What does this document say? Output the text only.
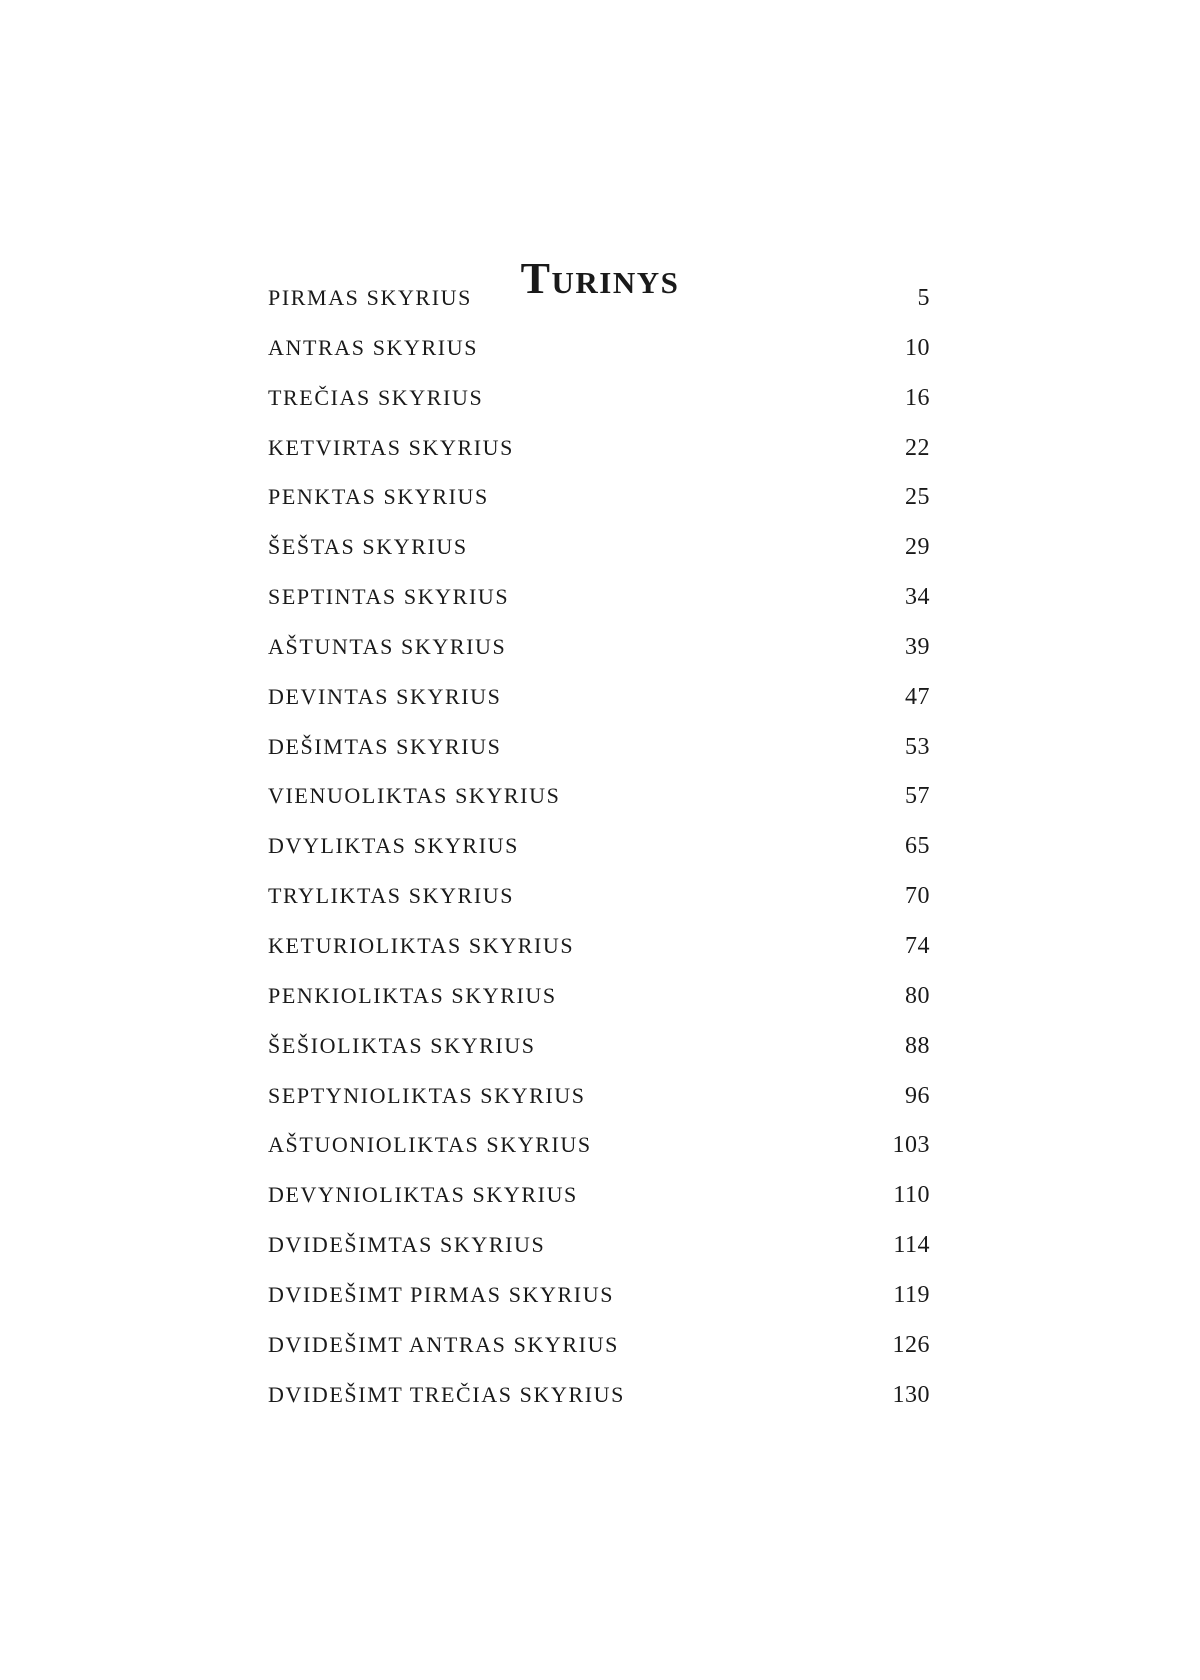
Turinys
PIRMAS SKYRIUS	5
ANTRAS SKYRIUS	10
TREČIAS SKYRIUS	16
KETVIRTAS SKYRIUS	22
PENKTAS SKYRIUS	25
ŠEŠTAS SKYRIUS	29
SEPTINTAS SKYRIUS	34
AŠTUNTAS SKYRIUS	39
DEVINTAS SKYRIUS	47
DEŠIMTAS SKYRIUS	53
VIENUOLIKTAS SKYRIUS	57
DVYLIKTAS SKYRIUS	65
TRYLIKTAS SKYRIUS	70
KETURIOLIKTAS SKYRIUS	74
PENKIOLIKTAS SKYRIUS	80
ŠEŠIOLIKTAS SKYRIUS	88
SEPTYNIOLIKTAS SKYRIUS	96
AŠTUONIOLIKTAS SKYRIUS	103
DEVYNIOLIKTAS SKYRIUS	110
DVIDEŠIMTAS SKYRIUS	114
DVIDEŠIMT PIRMAS SKYRIUS	119
DVIDEŠIMT ANTRAS SKYRIUS	126
DVIDEŠIMT TREČIAS SKYRIUS	130
